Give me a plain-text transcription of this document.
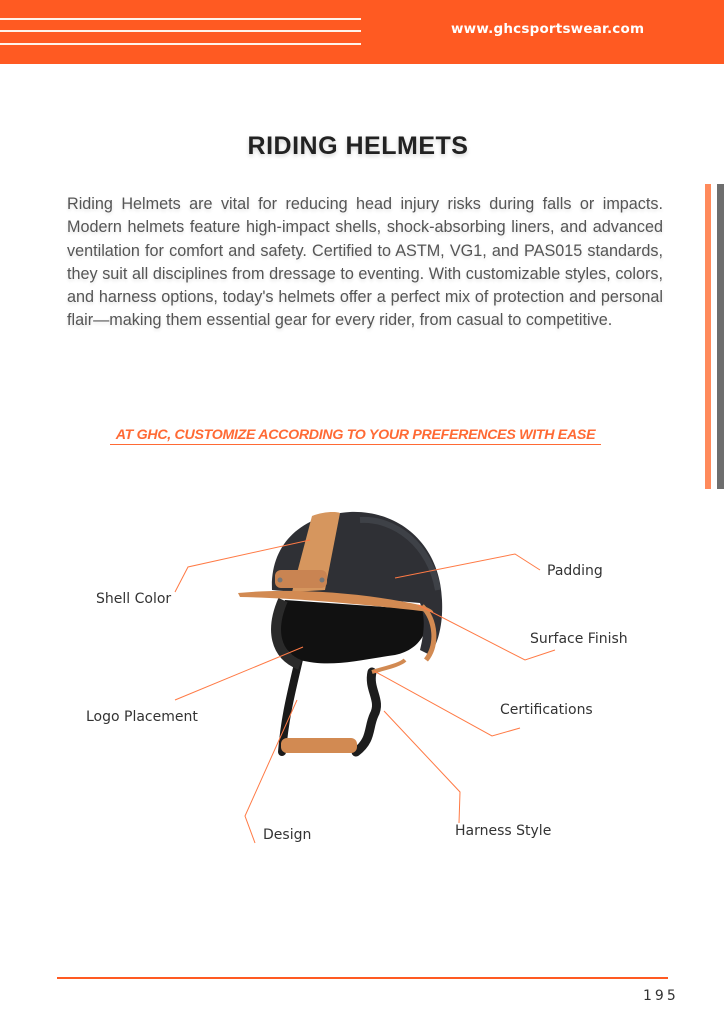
www.ghcsportswear.com
RIDING HELMETS

Riding Helmets are vital for reducing head injury risks during falls or impacts. Modern helmets feature high-impact shells, shock-absorbing liners, and advanced ventilation for comfort and safety. Certified to ASTM, VG1, and PAS015 standards, they suit all disciplines from dressage to eventing. With customizable styles, colors, and harness options, today's helmets offer a perfect mix of protection and personal flair—making them essential gear for every rider, from casual to competitive.

AT GHC, CUSTOMIZE ACCORDING TO YOUR PREFERENCES WITH EASE
Shell Color
Padding
Surface Finish
Logo Placement	Certifications
Design	Harness Style
195
